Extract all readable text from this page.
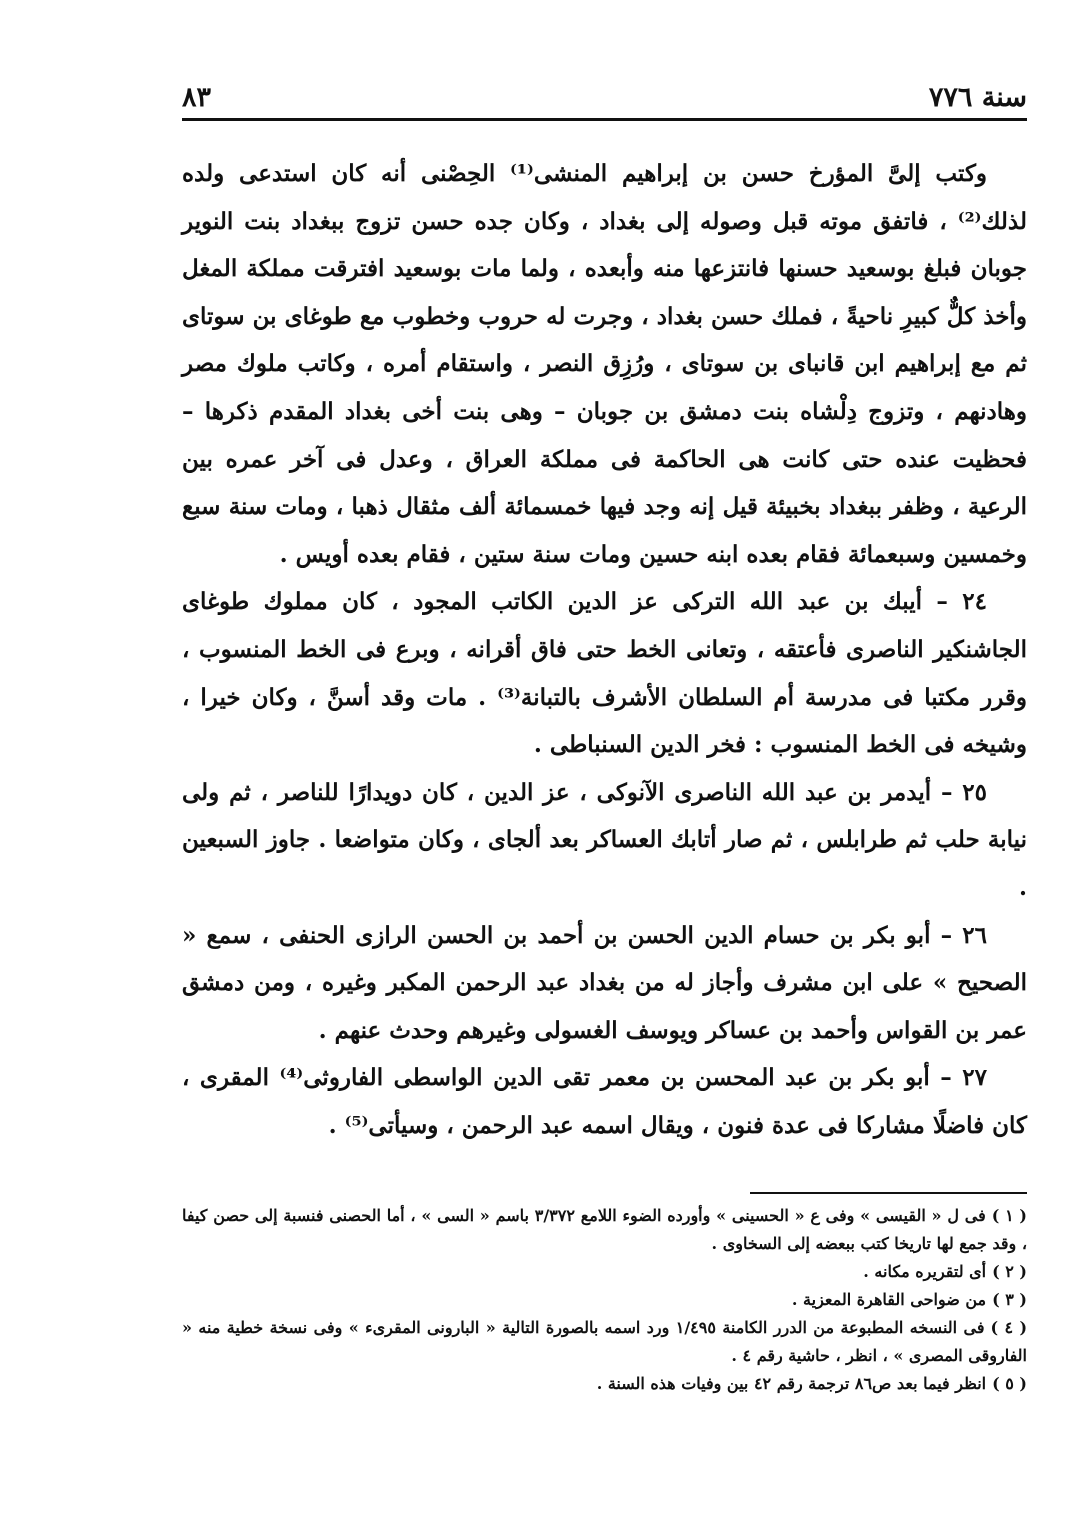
سنة ٧٧٦
٨٣

وكتب إلىَّ المؤرخ حسن بن إبراهيم المنشى⁽¹⁾ الحِصْنى أنه كان استدعى ولده لذلك⁽²⁾ ، فاتفق موته قبل وصوله إلى بغداد ، وكان جده حسن تزوج ببغداد بنت النوير جوبان فبلغ بوسعيد حسنها فانتزعها منه وأبعده ، ولما مات بوسعيد افترقت مملكة المغل وأخذ كلٌّ كبيرِ ناحيةً ، فملك حسن بغداد ، وجرت له حروب وخطوب مع طوغاى بن سوتاى ثم مع إبراهيم ابن قانباى بن سوتاى ، ورُزِق النصر ، واستقام أمره ، وكاتب ملوك مصر وهادنهم ، وتزوج دِلْشاه بنت دمشق بن جوبان – وهى بنت أخى بغداد المقدم ذكرها – فحظيت عنده حتى كانت هى الحاكمة فى مملكة العراق ، وعدل فى آخر عمره بين الرعية ، وظفر ببغداد بخبيئة قيل إنه وجد فيها خمسمائة ألف مثقال ذهبا ، ومات سنة سبع وخمسين وسبعمائة فقام بعده ابنه حسين ومات سنة ستين ، فقام بعده أويس .

٢٤ – أيبك بن عبد الله التركى عز الدين الكاتب المجود ، كان مملوك طوغاى الجاشنكير الناصرى فأعتقه ، وتعانى الخط حتى فاق أقرانه ، وبرع فى الخط المنسوب ، وقرر مكتبا فى مدرسة أم السلطان الأشرف بالتبانة⁽³⁾ . مات وقد أسنَّ ، وكان خيرا ، وشيخه فى الخط المنسوب : فخر الدين السنباطى .

٢٥ – أيدمر بن عبد الله الناصرى الآنوكى ، عز الدين ، كان دويدارًا للناصر ، ثم ولى نيابة حلب ثم طرابلس ، ثم صار أتابك العساكر بعد ألجاى ، وكان متواضعا . جاوز السبعين .

٢٦ – أبو بكر بن حسام الدين الحسن بن أحمد بن الحسن الرازى الحنفى ، سمع « الصحيح » على ابن مشرف وأجاز له من بغداد عبد الرحمن المكبر وغيره ، ومن دمشق عمر بن القواس وأحمد بن عساكر ويوسف الغسولى وغيرهم وحدث عنهم .

٢٧ – أبو بكر بن عبد المحسن بن معمر تقى الدين الواسطى الفاروثى⁽⁴⁾ المقرى ، كان فاضلًا مشاركا فى عدة فنون ، ويقال اسمه عبد الرحمن ، وسيأتى⁽⁵⁾ .

( ١ )فى ل « القيسى » وفى ع « الحسينى » وأورده الضوء اللامع ٣/٣٧٢ باسم « السى » ، أما الحصنى فنسبة إلى حصن كيفا ، وقد جمع لها تاريخا كتب ببعضه إلى السخاوى .

( ٢ )أى لتقريره مكانه .

( ٣ )من ضواحى القاهرة المعزية .

( ٤ )فى النسخه المطبوعة من الدرر الكامنة ١/٤٩٥ ورد اسمه بالصورة التالية « البارونى المقرىء » وفى نسخة خطية منه « الفاروقى المصرى » ، انظر ، حاشية رقم ٤ .

( ٥ )انظر فيما بعد ص٨٦ ترجمة رقم ٤٢ بين وفيات هذه السنة .
